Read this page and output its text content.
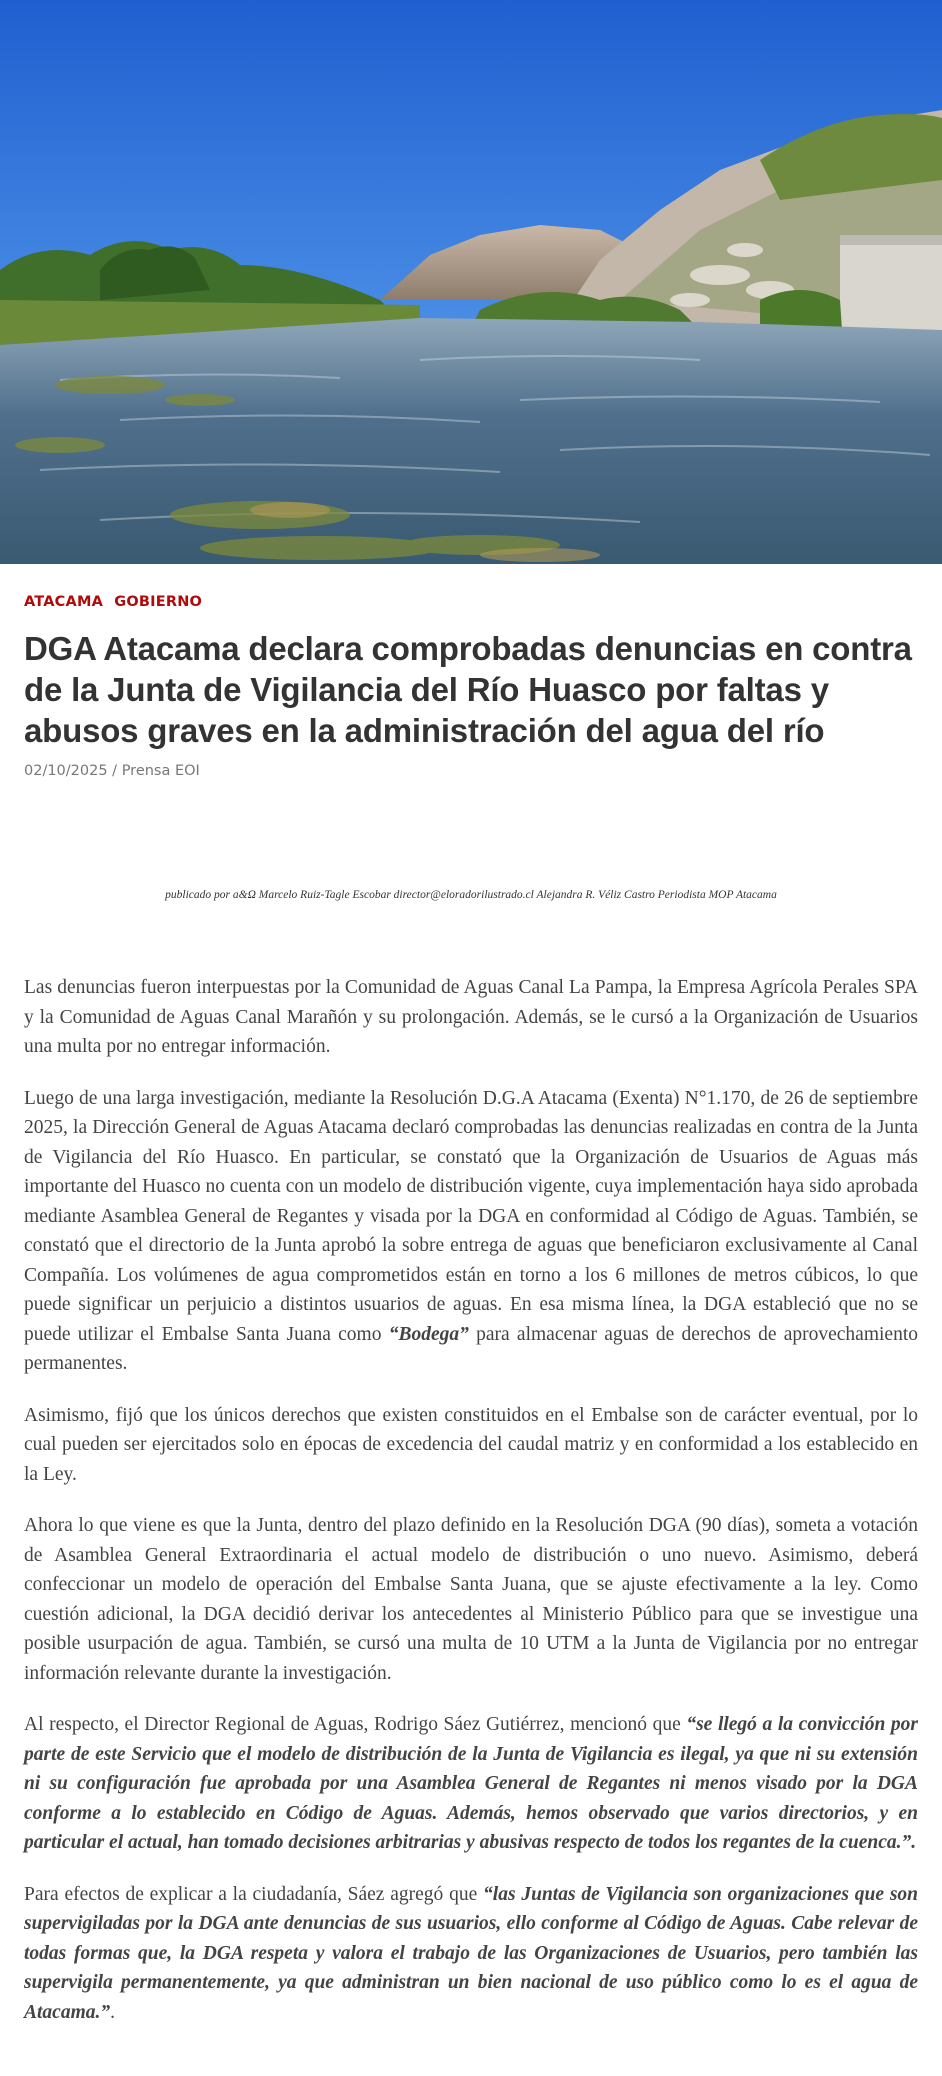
ATACAMA GOBIERNO
DGA Atacama declara comprobadas denuncias en contra de la Junta de Vigilancia del Río Huasco por faltas y abusos graves en la administración del agua del río
02/10/2025 / Prensa EOI
publicado por a&Ω Marcelo Ruiz-Tagle Escobar director@eloradorilustrado.cl Alejandra R. Véliz Castro Periodista MOP Atacama

Las denuncias fueron interpuestas por la Comunidad de Aguas Canal La Pampa, la Empresa Agrícola Perales SPA y la Comunidad de Aguas Canal Marañón y su prolongación. Además, se le cursó a la Organización de Usuarios una multa por no entregar información.

Luego de una larga investigación, mediante la Resolución D.G.A Atacama (Exenta) N°1.170, de 26 de septiembre 2025, la Dirección General de Aguas Atacama declaró comprobadas las denuncias realizadas en contra de la Junta de Vigilancia del Río Huasco. En particular, se constató que la Organización de Usuarios de Aguas más importante del Huasco no cuenta con un modelo de distribución vigente, cuya implementación haya sido aprobada mediante Asamblea General de Regantes y visada por la DGA en conformidad al Código de Aguas. También, se constató que el directorio de la Junta aprobó la sobre entrega de aguas que beneficiaron exclusivamente al Canal Compañía. Los volúmenes de agua comprometidos están en torno a los 6 millones de metros cúbicos, lo que puede significar un perjuicio a distintos usuarios de aguas. En esa misma línea, la DGA estableció que no se puede utilizar el Embalse Santa Juana como “Bodega” para almacenar aguas de derechos de aprovechamiento permanentes.

Asimismo, fijó que los únicos derechos que existen constituidos en el Embalse son de carácter eventual, por lo cual pueden ser ejercitados solo en épocas de excedencia del caudal matriz y en conformidad a los establecido en la Ley.

Ahora lo que viene es que la Junta, dentro del plazo definido en la Resolución DGA (90 días), someta a votación de Asamblea General Extraordinaria el actual modelo de distribución o uno nuevo. Asimismo, deberá confeccionar un modelo de operación del Embalse Santa Juana, que se ajuste efectivamente a la ley. Como cuestión adicional, la DGA decidió derivar los antecedentes al Ministerio Público para que se investigue una posible usurpación de agua. También, se cursó una multa de 10 UTM a la Junta de Vigilancia por no entregar información relevante durante la investigación.

Al respecto, el Director Regional de Aguas, Rodrigo Sáez Gutiérrez, mencionó que “se llegó a la convicción por parte de este Servicio que el modelo de distribución de la Junta de Vigilancia es ilegal, ya que ni su extensión ni su configuración fue aprobada por una Asamblea General de Regantes ni menos visado por la DGA conforme a lo establecido en Código de Aguas. Además, hemos observado que varios directorios, y en particular el actual, han tomado decisiones arbitrarias y abusivas respecto de todos los regantes de la cuenca.”.

Para efectos de explicar a la ciudadanía, Sáez agregó que “las Juntas de Vigilancia son organizaciones que son supervigiladas por la DGA ante denuncias de sus usuarios, ello conforme al Código de Aguas. Cabe relevar de todas formas que, la DGA respeta y valora el trabajo de las Organizaciones de Usuarios, pero también las supervigila permanentemente, ya que administran un bien nacional de uso público como lo es el agua de Atacama.”.
